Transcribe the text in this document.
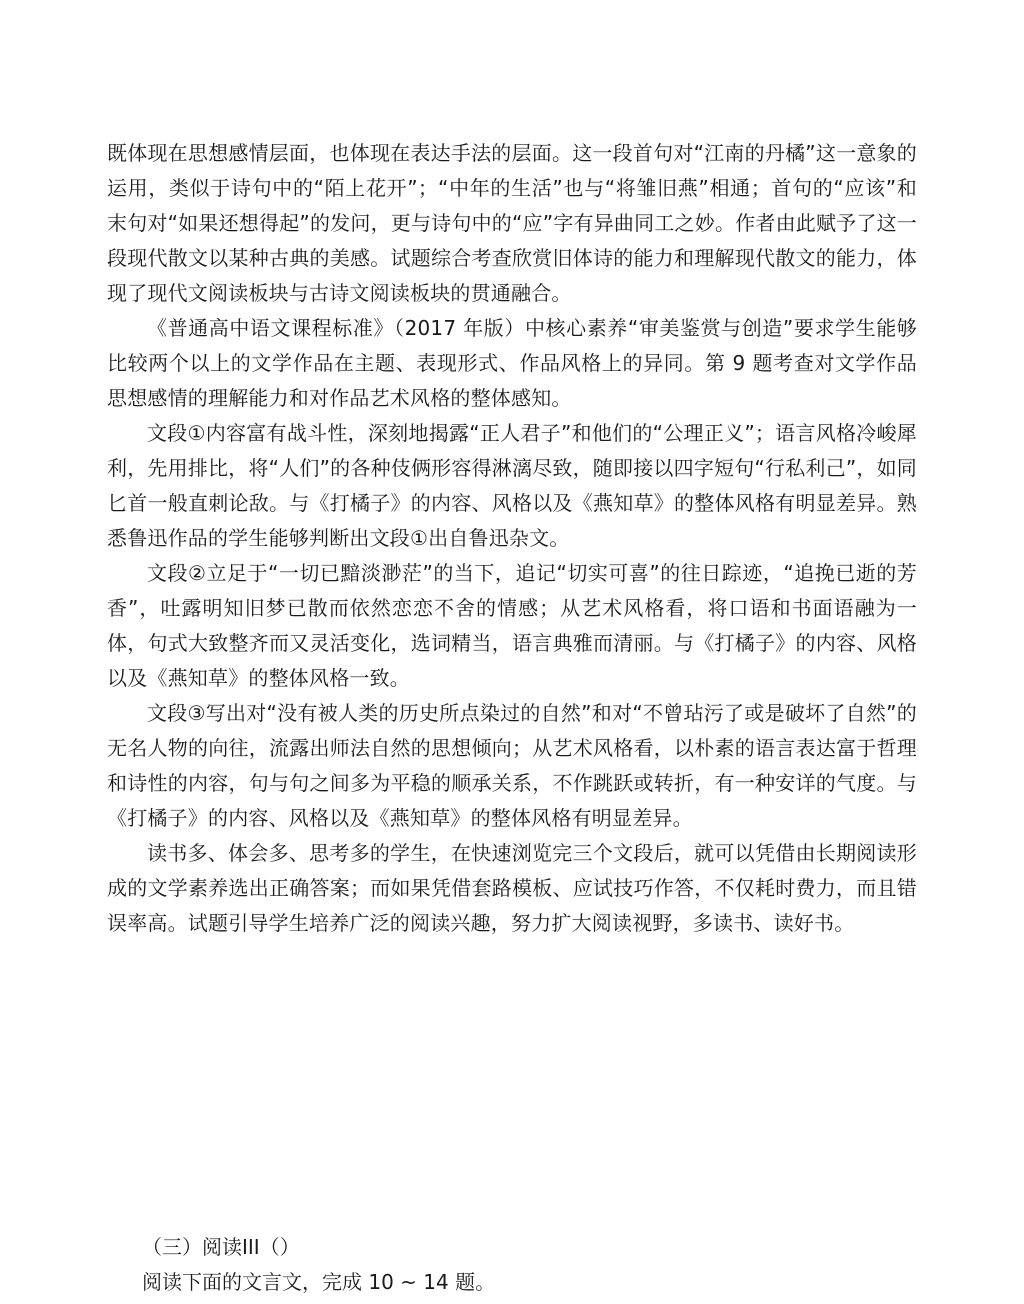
既体现在思想感情层面，也体现在表达手法的层面。这一段首句对“江南的丹橘”这一意象的运用，类似于诗句中的“陌上花开”；“中年的生活”也与“将雏旧燕”相通；首句的“应该”和末句对“如果还想得起”的发问，更与诗句中的“应”字有异曲同工之妙。作者由此赋予了这一段现代散文以某种古典的美感。试题综合考查欣赏旧体诗的能力和理解现代散文的能力，体现了现代文阅读板块与古诗文阅读板块的贯通融合。

《普通高中语文课程标准》（2017 年版）中核心素养“审美鉴赏与创造”要求学生能够比较两个以上的文学作品在主题、表现形式、作品风格上的异同。第 9 题考查对文学作品思想感情的理解能力和对作品艺术风格的整体感知。

文段①内容富有战斗性，深刻地揭露“正人君子”和他们的“公理正义”；语言风格冷峻犀利，先用排比，将“人们”的各种伎俩形容得淋漓尽致，随即接以四字短句“行私利己”，如同匕首一般直刺论敌。与《打橘子》的内容、风格以及《燕知草》的整体风格有明显差异。熟悉鲁迅作品的学生能够判断出文段①出自鲁迅杂文。

文段②立足于“一切已黯淡渺茫”的当下，追记“切实可喜”的往日踪迹，“追挽已逝的芳香”，吐露明知旧梦已散而依然恋恋不舍的情感；从艺术风格看，将口语和书面语融为一体，句式大致整齐而又灵活变化，选词精当，语言典雅而清丽。与《打橘子》的内容、风格以及《燕知草》的整体风格一致。

文段③写出对“没有被人类的历史所点染过的自然”和对“不曾玷污了或是破坏了自然”的无名人物的向往，流露出师法自然的思想倾向；从艺术风格看，以朴素的语言表达富于哲理和诗性的内容，句与句之间多为平稳的顺承关系，不作跳跃或转折，有一种安详的气度。与《打橘子》的内容、风格以及《燕知草》的整体风格有明显差异。

读书多、体会多、思考多的学生，在快速浏览完三个文段后，就可以凭借由长期阅读形成的文学素养选出正确答案；而如果凭借套路模板、应试技巧作答，不仅耗时费力，而且错误率高。试题引导学生培养广泛的阅读兴趣，努力扩大阅读视野，多读书、读好书。

（三）阅读III（）

阅读下面的文言文，完成 10 ~ 14 题。
